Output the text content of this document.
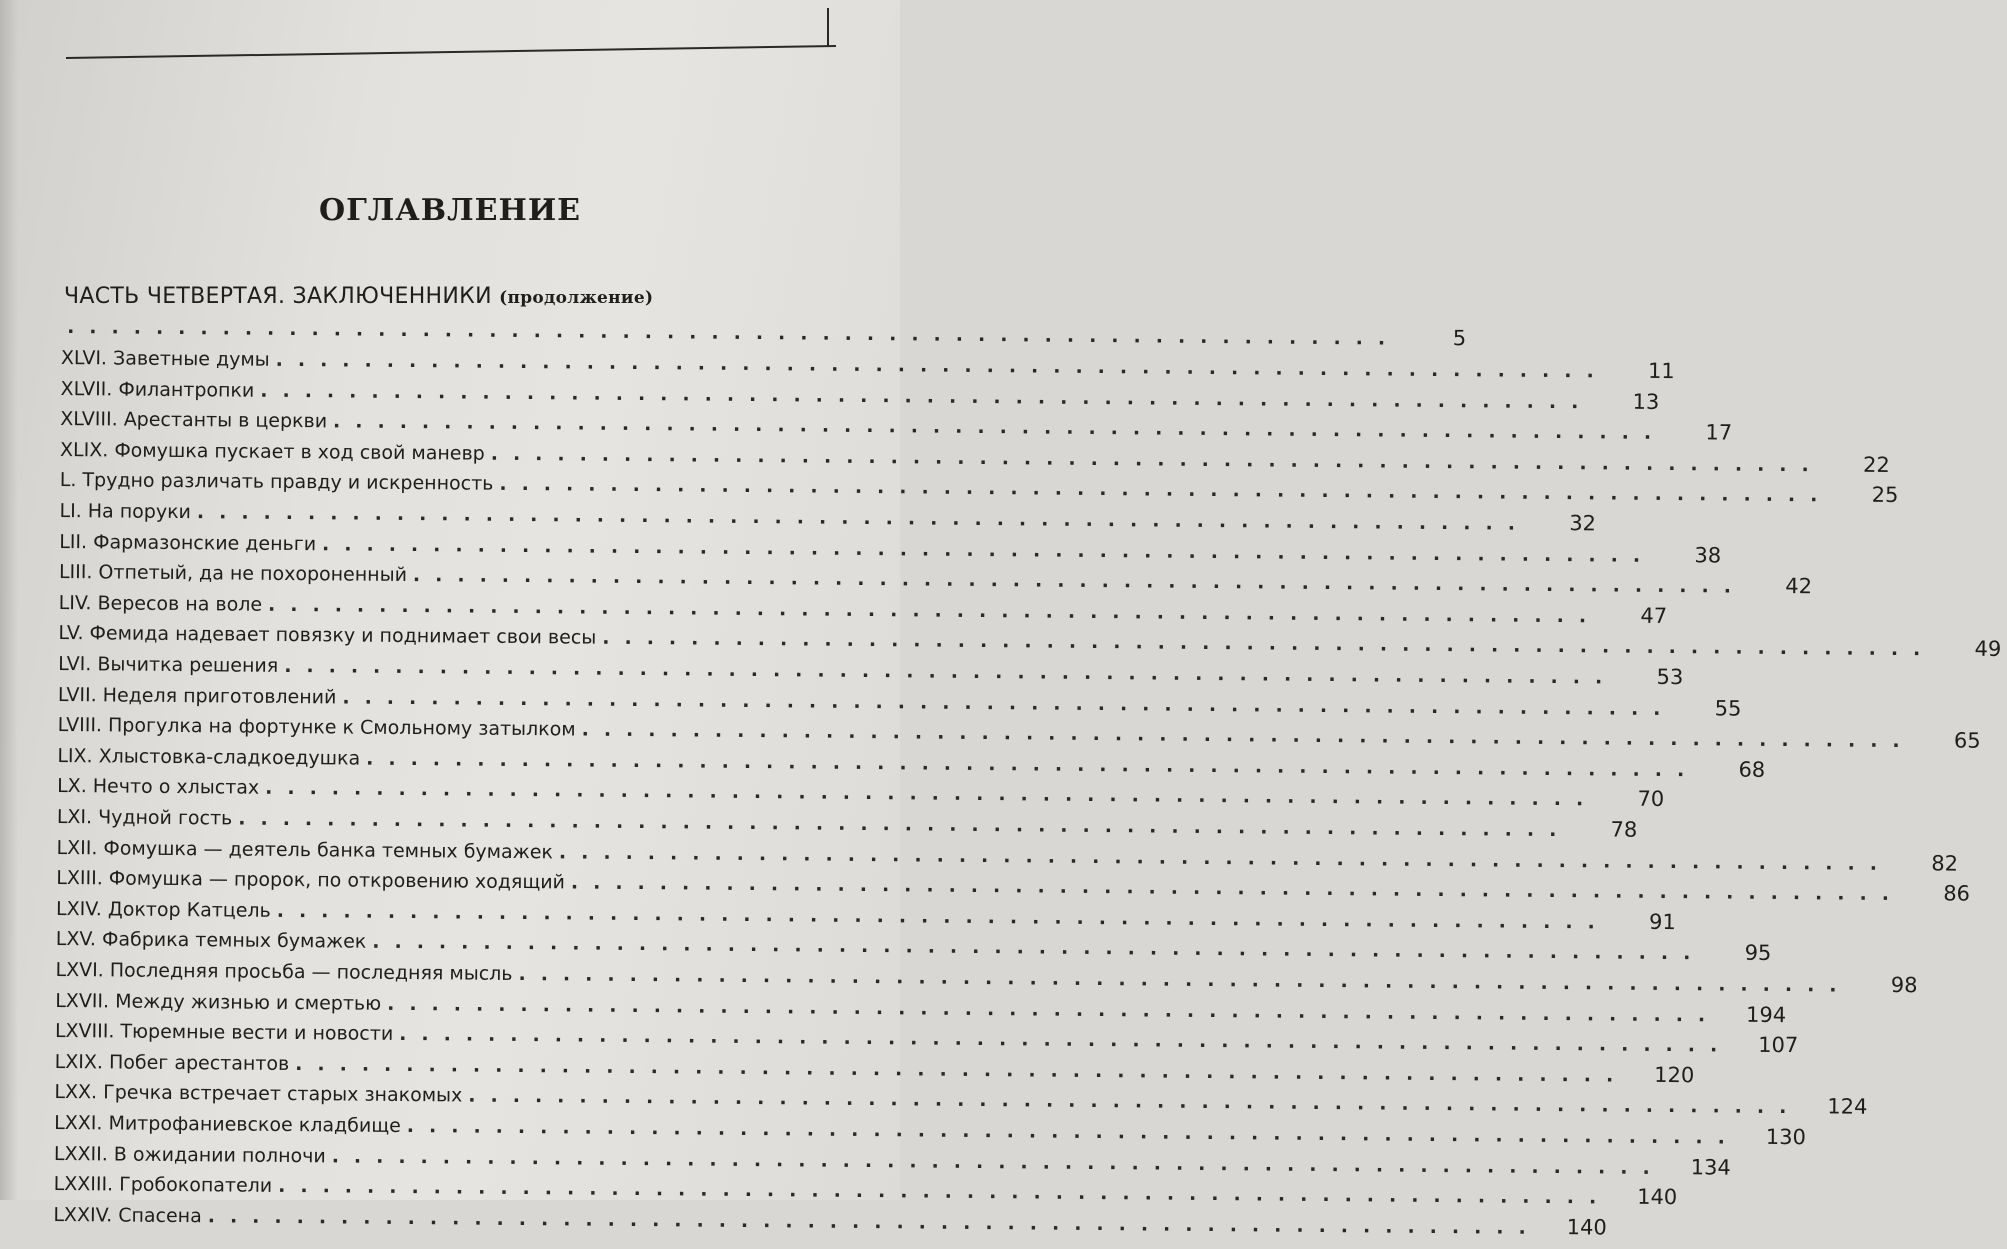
ОГЛАВЛЕНИЕ
ЧАСТЬ ЧЕТВЕРТАЯ. ЗАКЛЮЧЕННИКИ (продолжение)
............................................................	5
XLVI. Заветные думы ............................................................	11
XLVII. Филантропки ............................................................	13
XLVIII. Арестанты в церкви ............................................................	17
XLIX. Фомушка пускает в ход свой маневр ............................................................	22
L. Трудно различать правду и искренность ............................................................	25
LI. На поруки ............................................................	32
LII. Фармазонские деньги ............................................................	38
LIII. Отпетый, да не похороненный ............................................................	42
LIV. Вересов на воле ............................................................	47
LV. Фемида надевает повязку и поднимает свои весы ............................................................	49
LVI. Вычитка решения ............................................................	53
LVII. Неделя приготовлений ............................................................	55
LVIII. Прогулка на фортунке к Смольному затылком ............................................................	65
LIX. Хлыстовка-сладкоедушка ............................................................	68
LX. Нечто о хлыстах ............................................................	70
LXI. Чудной гость ............................................................	78
LXII. Фомушка — деятель банка темных бумажек ............................................................	82
LXIII. Фомушка — пророк, по откровению ходящий ............................................................	86
LXIV. Доктор Катцель ............................................................	91
LXV. Фабрика темных бумажек ............................................................	95
LXVI. Последняя просьба — последняя мысль ............................................................	98
LXVII. Между жизнью и смертью ............................................................	194
LXVIII. Тюремные вести и новости ............................................................	107
LXIX. Побег арестантов ............................................................	120
LXX. Гречка встречает старых знакомых ............................................................	124
LXXI. Митрофаниевское кладбище ............................................................	130
LXXII. В ожидании полночи ............................................................	134
LXXIII. Гробокопатели ............................................................	140
LXXIV. Спасена ............................................................	140
